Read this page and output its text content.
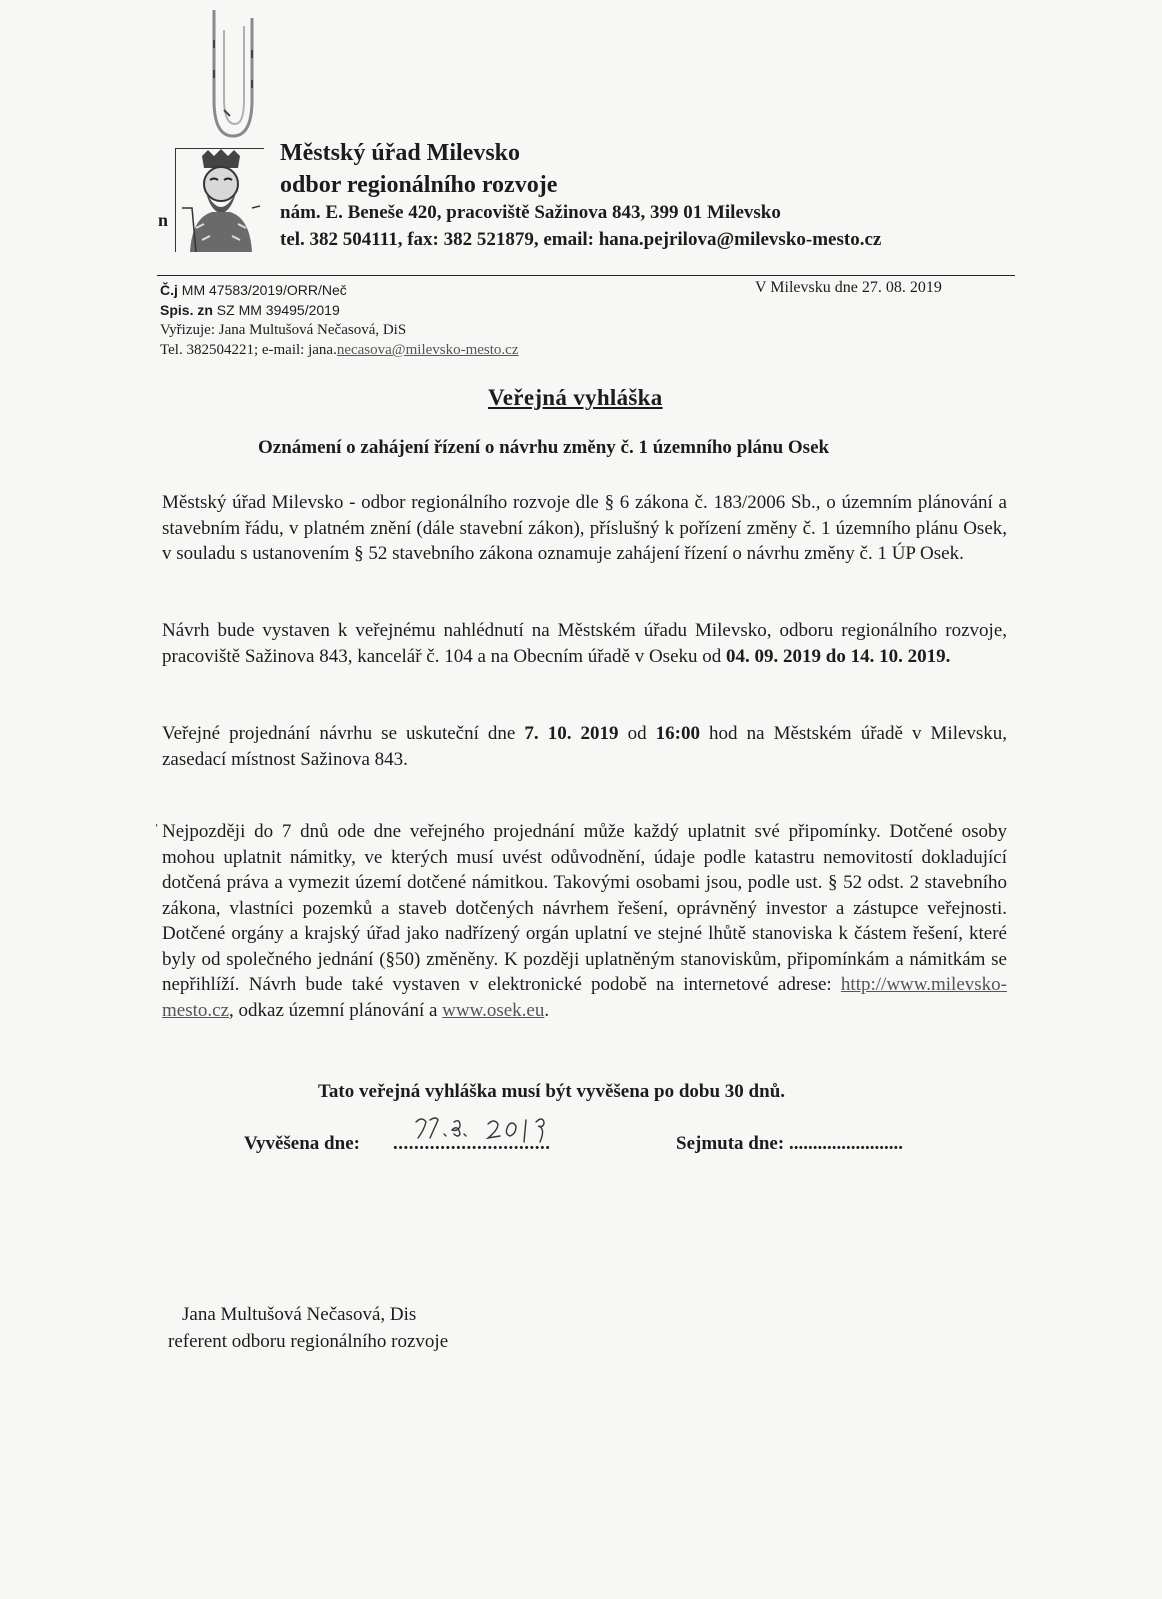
n
Městský úřad Milevsko
odbor regionálního rozvoje
nám. E. Beneše 420, pracoviště Sažinova 843, 399 01 Milevsko
tel. 382 504111, fax: 382 521879, email: hana.pejrilova@milevsko-mesto.cz
Č.j MM 47583/2019/ORR/Neč
Spis. zn SZ MM 39495/2019
Vyřizuje: Jana Multušová Nečasová, DiS
Tel. 382504221; e-mail: jana.necasova@milevsko-mesto.cz
V Milevsku dne 27. 08. 2019
Veřejná vyhláška
Oznámení o zahájení řízení o návrhu změny č. 1 územního plánu Osek
Městský úřad Milevsko - odbor regionálního rozvoje dle § 6 zákona č. 183/2006 Sb., o územním plánování a stavebním řádu, v platném znění (dále stavební zákon), příslušný k pořízení změny č. 1 územního plánu Osek, v souladu s ustanovením § 52 stavebního zákona oznamuje zahájení řízení o návrhu změny č. 1 ÚP Osek.
Návrh bude vystaven k veřejnému nahlédnutí na Městském úřadu Milevsko, odboru regionálního rozvoje, pracoviště Sažinova 843, kancelář č. 104 a na Obecním úřadě v Oseku od 04. 09. 2019 do 14. 10. 2019.
Veřejné projednání návrhu se uskuteční dne 7. 10. 2019 od 16:00 hod na Městském úřadě v Milevsku, zasedací místnost Sažinova 843.
ˈ Nejpozději do 7 dnů ode dne veřejného projednání může každý uplatnit své připomínky. Dotčené osoby mohou uplatnit námitky, ve kterých musí uvést odůvodnění, údaje podle katastru nemovitostí dokladující dotčená práva a vymezit území dotčené námitkou. Takovými osobami jsou, podle ust. § 52 odst. 2 stavebního zákona, vlastníci pozemků a staveb dotčených návrhem řešení, oprávněný investor a zástupce veřejnosti. Dotčené orgány a krajský úřad jako nadřízený orgán uplatní ve stejné lhůtě stanoviska k částem řešení, které byly od společného jednání (§50) změněny. K později uplatněným stanoviskům, připomínkám a námitkám se nepřihlíží. Návrh bude také vystaven v elektronické podobě na internetové adrese: http://www.milevsko-mesto.cz, odkaz územní plánování a www.osek.eu.
Tato veřejná vyhláška musí být vyvěšena po dobu 30 dnů.
Vyvěšena dne: ..............................	Sejmuta dne: ........................
Jana Multušová Nečasová, Dis
referent odboru regionálního rozvoje
